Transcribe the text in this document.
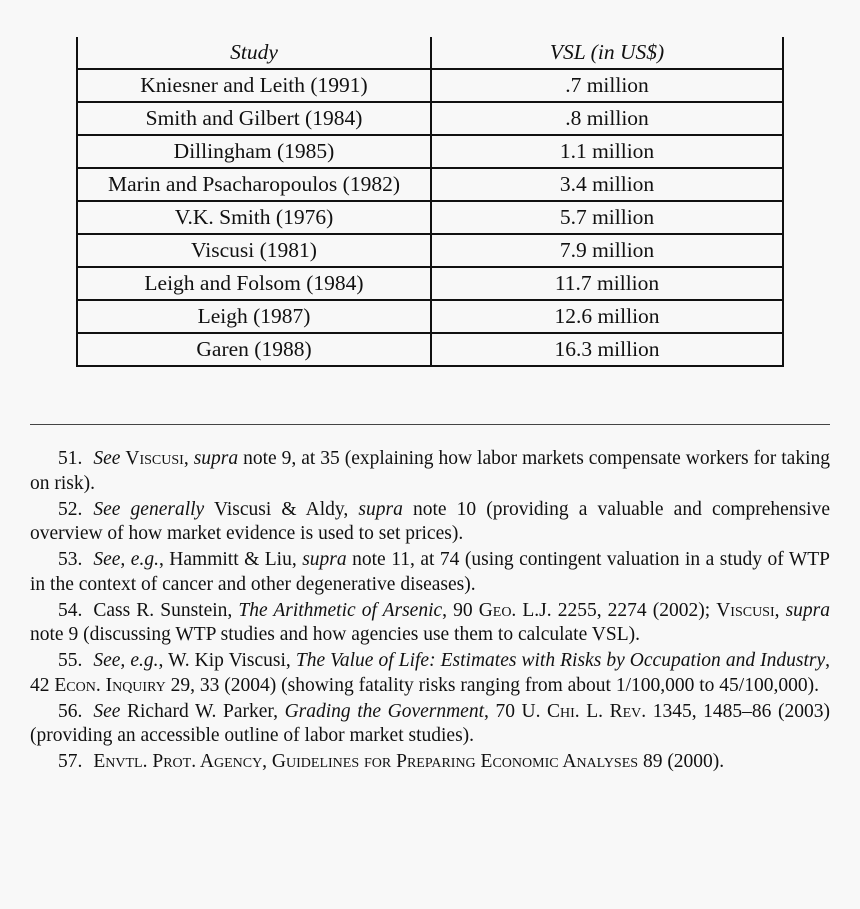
Study	VSL (in US$)
Kniesner and Leith (1991)	.7 million
Smith and Gilbert (1984)	.8 million
Dillingham (1985)	1.1 million
Marin and Psacharopoulos (1982)	3.4 million
V.K. Smith (1976)	5.7 million
Viscusi (1981)	7.9 million
Leigh and Folsom (1984)	11.7 million
Leigh (1987)	12.6 million
Garen (1988)	16.3 million

51. See Viscusi, supra note 9, at 35 (explaining how labor markets compensate workers for taking on risk).

52. See generally Viscusi & Aldy, supra note 10 (providing a valuable and comprehensive overview of how market evidence is used to set prices).

53. See, e.g., Hammitt & Liu, supra note 11, at 74 (using contingent valuation in a study of WTP in the context of cancer and other degenerative diseases).

54. Cass R. Sunstein, The Arithmetic of Arsenic, 90 Geo. L.J. 2255, 2274 (2002); Viscusi, supra note 9 (discussing WTP studies and how agencies use them to calculate VSL).

55. See, e.g., W. Kip Viscusi, The Value of Life: Estimates with Risks by Occupation and Industry, 42 Econ. Inquiry 29, 33 (2004) (showing fatality risks ranging from about 1/100,000 to 45/100,000).

56. See Richard W. Parker, Grading the Government, 70 U. Chi. L. Rev. 1345, 1485–86 (2003) (providing an accessible outline of labor market studies).

57. Envtl. Prot. Agency, Guidelines for Preparing Economic Analyses 89 (2000).
